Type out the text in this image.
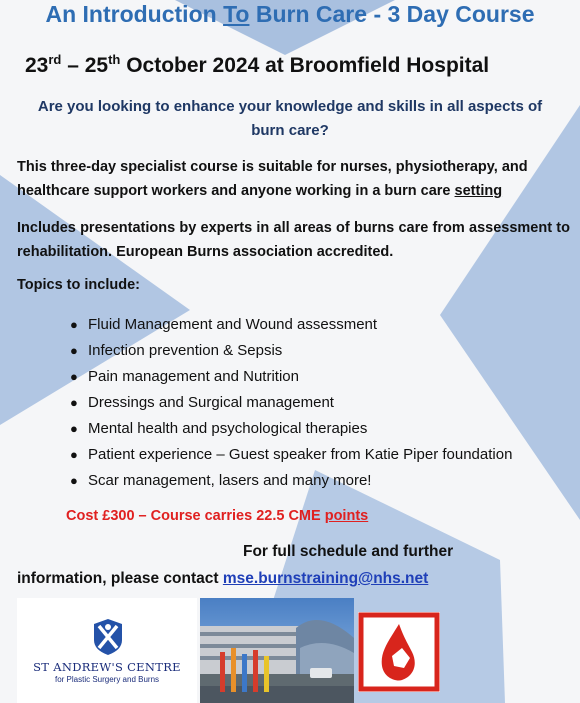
An Introduction To Burn Care - 3 Day Course
23rd – 25th October 2024 at Broomfield Hospital
Are you looking to enhance your knowledge and skills in all aspects of burn care?
This three-day specialist course is suitable for nurses, physiotherapy, and healthcare support workers and anyone working in a burn care setting
Includes presentations by experts in all areas of burns care from assessment to rehabilitation. European Burns association accredited.
Topics to include:
● Fluid Management and Wound assessment
● Infection prevention & Sepsis
● Pain management and Nutrition
● Dressings and Surgical management
● Mental health and psychological therapies
● Patient experience – Guest speaker from Katie Piper foundation
● Scar management, lasers and many more!
Cost £300 – Course carries 22.5 CME points
For full schedule and further
information, please contact mse.burnstraining@nhs.net
ST ANDREW'S CENTRE
for Plastic Surgery and Burns
